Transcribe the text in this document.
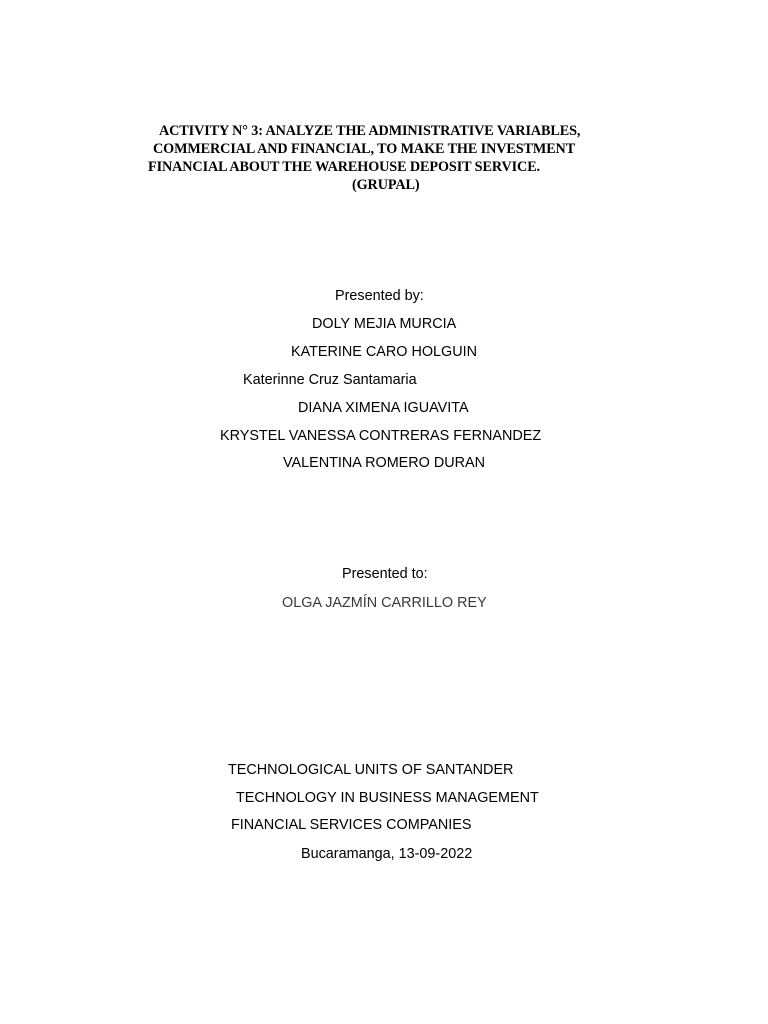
ACTIVITY N° 3: ANALYZE THE ADMINISTRATIVE VARIABLES,
COMMERCIAL AND FINANCIAL, TO MAKE THE INVESTMENT
FINANCIAL ABOUT THE WAREHOUSE DEPOSIT SERVICE.
(GRUPAL)
Presented by:
DOLY MEJIA MURCIA
KATERINE CARO HOLGUIN
Katerinne Cruz Santamaria
DIANA XIMENA IGUAVITA
KRYSTEL VANESSA CONTRERAS FERNANDEZ
VALENTINA ROMERO DURAN
Presented to:
OLGA JAZMÍN CARRILLO REY
TECHNOLOGICAL UNITS OF SANTANDER
TECHNOLOGY IN BUSINESS MANAGEMENT
FINANCIAL SERVICES COMPANIES
Bucaramanga, 13-09-2022
